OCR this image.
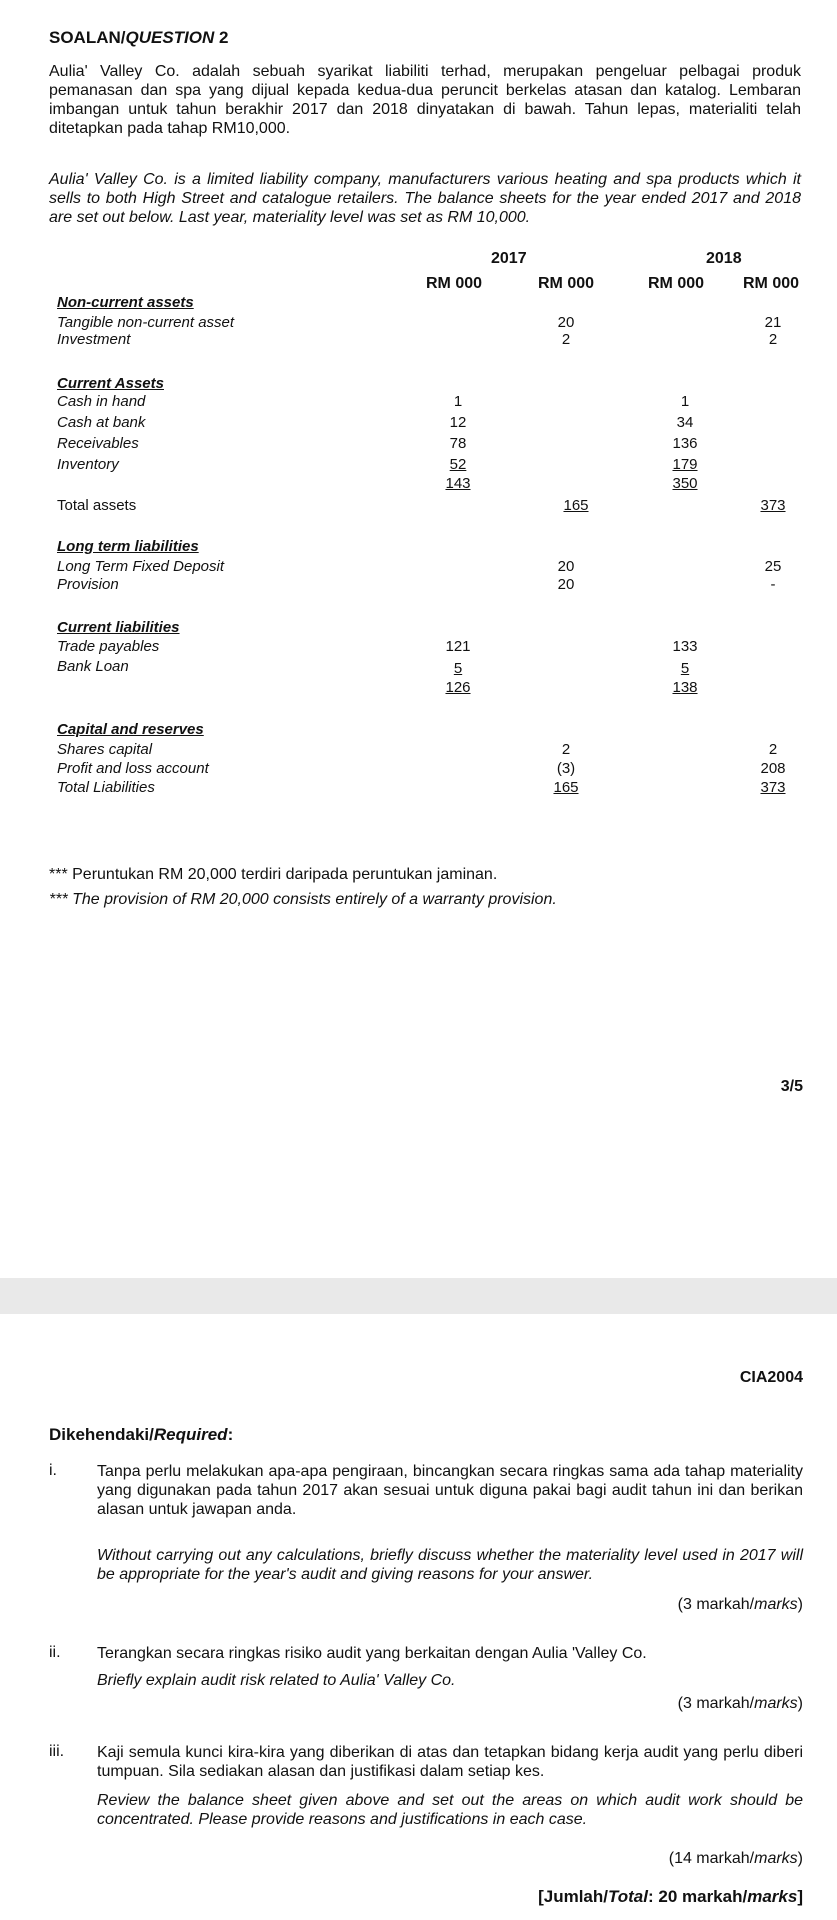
SOALAN/QUESTION 2
Aulia' Valley Co. adalah sebuah syarikat liabiliti terhad, merupakan pengeluar pelbagai produk pemanasan dan spa yang dijual kepada kedua-dua peruncit berkelas atasan dan katalog. Lembaran imbangan untuk tahun berakhir 2017 dan 2018 dinyatakan di bawah. Tahun lepas, materialiti telah ditetapkan pada tahap RM10,000.
Aulia' Valley Co. is a limited liability company, manufacturers various heating and spa products which it sells to both High Street and catalogue retailers. The balance sheets for the year ended 2017 and 2018 are set out below. Last year, materiality level was set as RM 10,000.
2017	2018
RM 000	RM 000	RM 000 RM 000
Non-current assets
Tangible non-current asset	20	21
Investment	2	2
Current Assets
Cash in hand	1	1
Cash at bank	12	34
Receivables	78	136
Inventory	52	179
143	350
Total assets	165	373
Long term liabilities
Long Term Fixed Deposit	20	25
Provision	20	-
Current liabilities
Trade payables	121	133
Bank Loan	5	5
126	138
Capital and reserves
Shares capital	2	2
Profit and loss account	(3)	208
Total Liabilities	165	373
*** Peruntukan RM 20,000 terdiri daripada peruntukan jaminan.
*** The provision of RM 20,000 consists entirely of a warranty provision.
3/5
CIA2004
Dikehendaki/Required:
i.	Tanpa perlu melakukan apa-apa pengiraan, bincangkan secara ringkas sama ada tahap materiality yang digunakan pada tahun 2017 akan sesuai untuk diguna pakai bagi audit tahun ini dan berikan alasan untuk jawapan anda.
Without carrying out any calculations, briefly discuss whether the materiality level used in 2017 will be appropriate for the year's audit and giving reasons for your answer.
(3 markah/marks)
ii. Terangkan secara ringkas risiko audit yang berkaitan dengan Aulia 'Valley Co.
Briefly explain audit risk related to Aulia' Valley Co.
(3 markah/marks)
iii. Kaji semula kunci kira-kira yang diberikan di atas dan tetapkan bidang kerja audit yang perlu diberi tumpuan. Sila sediakan alasan dan justifikasi dalam setiap kes.
Review the balance sheet given above and set out the areas on which audit work should be concentrated. Please provide reasons and justifications in each case.
(14 markah/marks)
[Jumlah/Total: 20 markah/marks]
